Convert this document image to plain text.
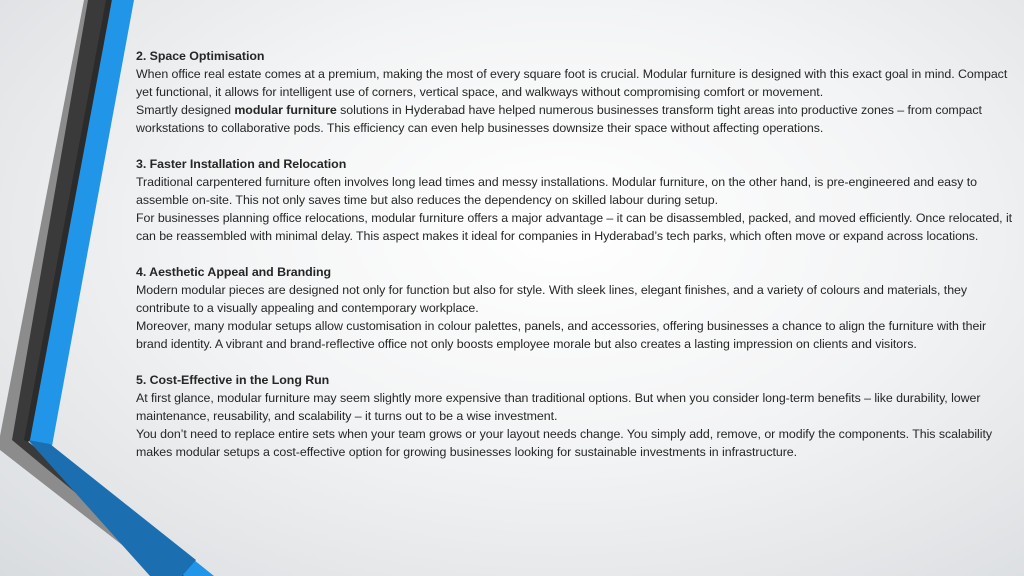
2. Space Optimisation
When office real estate comes at a premium, making the most of every square foot is crucial. Modular furniture is designed with this exact goal in mind. Compact yet functional, it allows for intelligent use of corners, vertical space, and walkways without compromising comfort or movement.
Smartly designed modular furniture solutions in Hyderabad have helped numerous businesses transform tight areas into productive zones – from compact workstations to collaborative pods. This efficiency can even help businesses downsize their space without affecting operations.
3. Faster Installation and Relocation
Traditional carpentered furniture often involves long lead times and messy installations. Modular furniture, on the other hand, is pre-engineered and easy to assemble on-site. This not only saves time but also reduces the dependency on skilled labour during setup.
For businesses planning office relocations, modular furniture offers a major advantage – it can be disassembled, packed, and moved efficiently. Once relocated, it can be reassembled with minimal delay. This aspect makes it ideal for companies in Hyderabad’s tech parks, which often move or expand across locations.
4. Aesthetic Appeal and Branding
Modern modular pieces are designed not only for function but also for style. With sleek lines, elegant finishes, and a variety of colours and materials, they contribute to a visually appealing and contemporary workplace.
Moreover, many modular setups allow customisation in colour palettes, panels, and accessories, offering businesses a chance to align the furniture with their brand identity. A vibrant and brand-reflective office not only boosts employee morale but also creates a lasting impression on clients and visitors.
5. Cost-Effective in the Long Run
At first glance, modular furniture may seem slightly more expensive than traditional options. But when you consider long-term benefits – like durability, lower maintenance, reusability, and scalability – it turns out to be a wise investment.
You don’t need to replace entire sets when your team grows or your layout needs change. You simply add, remove, or modify the components. This scalability makes modular setups a cost-effective option for growing businesses looking for sustainable investments in infrastructure.
